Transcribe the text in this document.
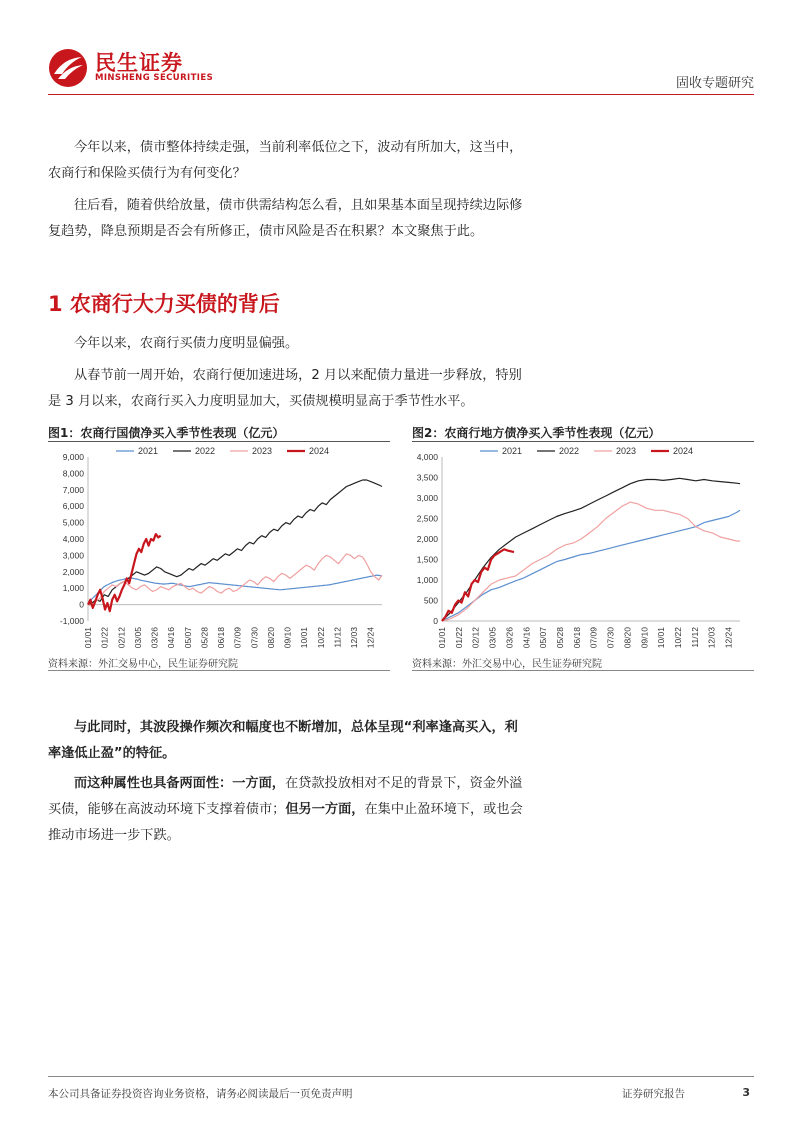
民生证券
MINSHENG SECURITIES	固收专题研究

今年以来，债市整体持续走强，当前利率低位之下，波动有所加大，这当中，农商行和保险买债行为有何变化？

往后看，随着供给放量，债市供需结构怎么看，且如果基本面呈现持续边际修复趋势，降息预期是否会有所修正，债市风险是否在积累？本文聚焦于此。

1 农商行大力买债的背后

今年以来，农商行买债力度明显偏强。

从春节前一周开始，农商行便加速进场，2 月以来配债力量进一步释放，特别是 3 月以来，农商行买入力度明显加大，买债规模明显高于季节性水平。

图1：农商行国债净买入季节性表现（亿元）
2021	2022	2023	2024
-1,000
0
1,000
2,000
3,000
4,000
5,000
6,000
7,000
8,000
9,000
01/01 01/22 02/12 03/05 03/26 04/16 05/07 05/28 06/18 07/09 07/30 08/20 09/10 10/01 10/22 11/12 12/03 12/24
资料来源：外汇交易中心，民生证券研究院
图2：农商行地方债净买入季节性表现（亿元）
2021	2022	2023	2024
0
500
1,000
1,500
2,000
2,500
3,000
3,500
4,000
01/01 01/22 02/12 03/05 03/26 04/16 05/07 05/28 06/18 07/09 07/30 08/20 09/10 10/01 10/22 11/12 12/03 12/24
资料来源：外汇交易中心，民生证券研究院

与此同时，其波段操作频次和幅度也不断增加，总体呈现“利率逢高买入，利率逢低止盈”的特征。

而这种属性也具备两面性：一方面，在贷款投放相对不足的背景下，资金外溢买债，能够在高波动环境下支撑着债市；但另一方面，在集中止盈环境下，或也会推动市场进一步下跌。

本公司具备证券投资咨询业务资格，请务必阅读最后一页免责声明	证券研究报告	3
